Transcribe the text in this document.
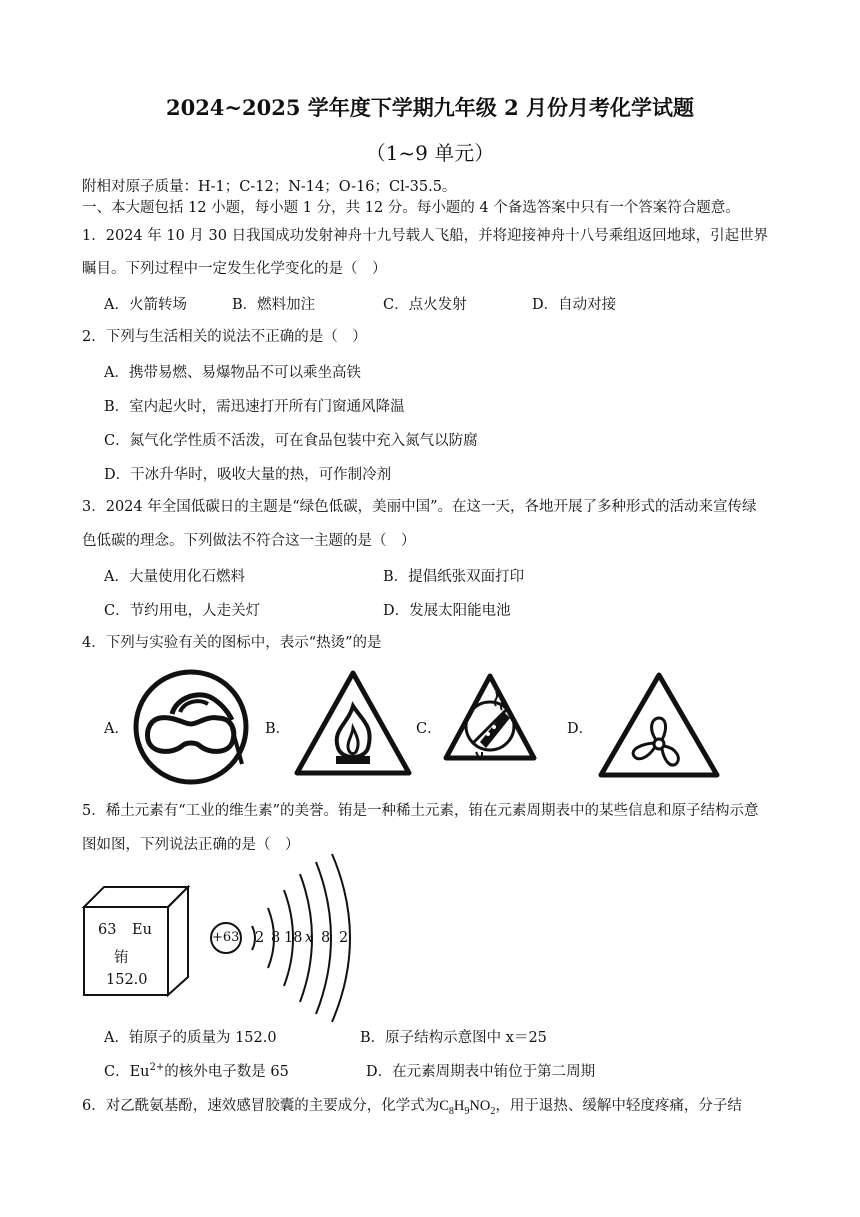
2024~2025 学年度下学期九年级 2 月份月考化学试题
（1~9 单元）
附相对原子质量：H-1；C-12；N-14；O-16；Cl-35.5。
一、本大题包括 12 小题，每小题 1 分，共 12 分。每小题的 4 个备选答案中只有一个答案符合题意。
1．2024 年 10 月 30 日我国成功发射神舟十九号载人飞船，并将迎接神舟十八号乘组返回地球，引起世界
瞩目。下列过程中一定发生化学变化的是（　）
A．火箭转场	B．燃料加注	C．点火发射	D．自动对接
2．下列与生活相关的说法不正确的是（　）
A．携带易燃、易爆物品不可以乘坐高铁
B．室内起火时，需迅速打开所有门窗通风降温
C．氮气化学性质不活泼，可在食品包装中充入氮气以防腐
D．干冰升华时，吸收大量的热，可作制冷剂
3．2024 年全国低碳日的主题是“绿色低碳，美丽中国”。在这一天，各地开展了多种形式的活动来宣传绿
色低碳的理念。下列做法不符合这一主题的是（　）
A．大量使用化石燃料	B．提倡纸张双面打印
C．节约用电，人走关灯	D．发展太阳能电池
4．下列与实验有关的图标中，表示“热烫”的是
A．	B．	C．	D．
5．稀土元素有“工业的维生素”的美誉。铕是一种稀土元素，铕在元素周期表中的某些信息和原子结构示意
图如图，下列说法正确的是（　）
63 Eu
铕
152.0
+63 2 8 18 x 8 2
A．铕原子的质量为 152.0	B．原子结构示意图中 x＝25
C．$Eu^{2+}$的核外电子数是 65	D．在元素周期表中铕位于第二周期
6．对乙酰氨基酚，速效感冒胶囊的主要成分，化学式为$C_8H_9NO_2$，用于退热、缓解中轻度疼痛，分子结
